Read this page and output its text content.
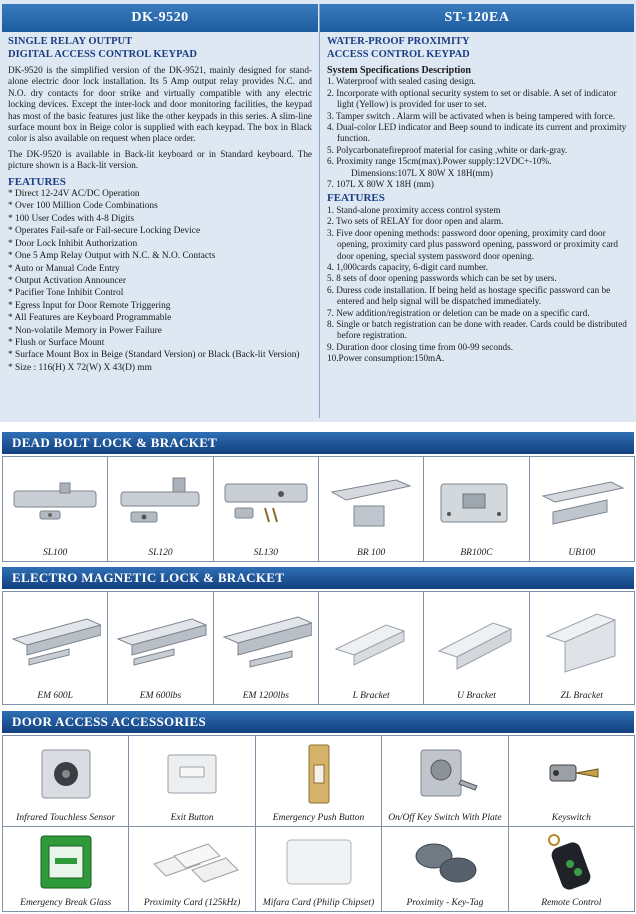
DK-9520	ST-120EA
SINGLE RELAY OUTPUT
DIGITAL ACCESS CONTROL KEYPAD
DK-9520 is the simplified version of the DK-9521, mainly designed for stand-alone electric door lock installation. Its 5 Amp output relay provides N.C. and N.O. dry contacts for door strike and virtually compatible with any electric locking devices. Except the inter-lock and door monitoring facilities, the keypad has most of the basic features just like the other keypads in this series. A slim-line surface mount box in Beige color is supplied with each keypad. The box in Black color is also available on request when place order.
The DK-9520 is available in Back-lit keyboard or in Standard keyboard. The picture shown is a Back-lit version.
FEATURES
* Direct 12-24V AC/DC Operation
* Over 100 Million Code Combinations
* 100 User Codes with 4-8 Digits
* Operates Fail-safe or Fail-secure Locking Device
* Door Lock Inhibit Authorization
* One 5 Amp Relay Output with N.C. & N.O. Contacts
* Auto or Manual Code Entry
* Output Activation Announcer
* Pacifier Tone Inhibit Control
* Egress Input for Door Remote Triggering
* All Features are Keyboard Programmable
* Non-volatile Memory in Power Failure
* Flush or Surface Mount
* Surface Mount Box in Beige (Standard Version) or Black (Back-lit Version)
* Size : 116(H) X 72(W) X 43(D) mm
WATER-PROOF PROXIMITY
ACCESS CONTROL KEYPAD
System Specifications Description
1. Waterproof with sealed casing design.
2. Incorporate with optional security system to set or disable. A set of indicator light (Yellow) is provided for user to set.
3. Tamper switch . Alarm will be activated when is being tampered with force.
4. Dual-color LED indicator and Beep sound to indicate its current and proximity function.
5. Polycarbonatefireproof material for casing ,white or dark-gray.
6. Proximity range 15cm(max).Power supply:12VDC+-10%.
Dimensions:107L X 80W X 18H(mm)
7. 107L X 80W X 18H (mm)
FEATURES
1. Stand-alone proximity access control system
2. Two sets of RELAY for door open and alarm.
3. Five door opening methods: password door opening, proximity card door opening, proximity card plus password opening, password or proximity card door opening, special system password door opening.
4. 1,000cards capacity, 6-digit card number.
5. 8 sets of door opening passwords which can be set by users.
6. Duress code installation. If being held as hostage specific password can be entered and help signal will be dispatched immediately.
7. New addition/registration or deletion can be made on a specific card.
8. Single or batch registration can be done with reader. Cards could be distributed before registration.
9. Duration door closing time from 00-99 seconds.
10.Power consumption:150mA.
DEAD BOLT LOCK & BRACKET
SL100	SL120	SL130	BR 100	BR100C	UB100
ELECTRO MAGNETIC LOCK & BRACKET
EM 600L	EM 600lbs	EM 1200lbs	L Bracket	U Bracket	ZL Bracket
DOOR ACCESS ACCESSORIES
Infrared Touchless Sensor	Exit Button	Emergency Push Button	On/Off Key Switch With Plate	Keyswitch
Emergency Break Glass	Proximity Card (125kHz)	Mifara Card (Philip Chipset)	Proximity - Key-Tag	Remote Control
